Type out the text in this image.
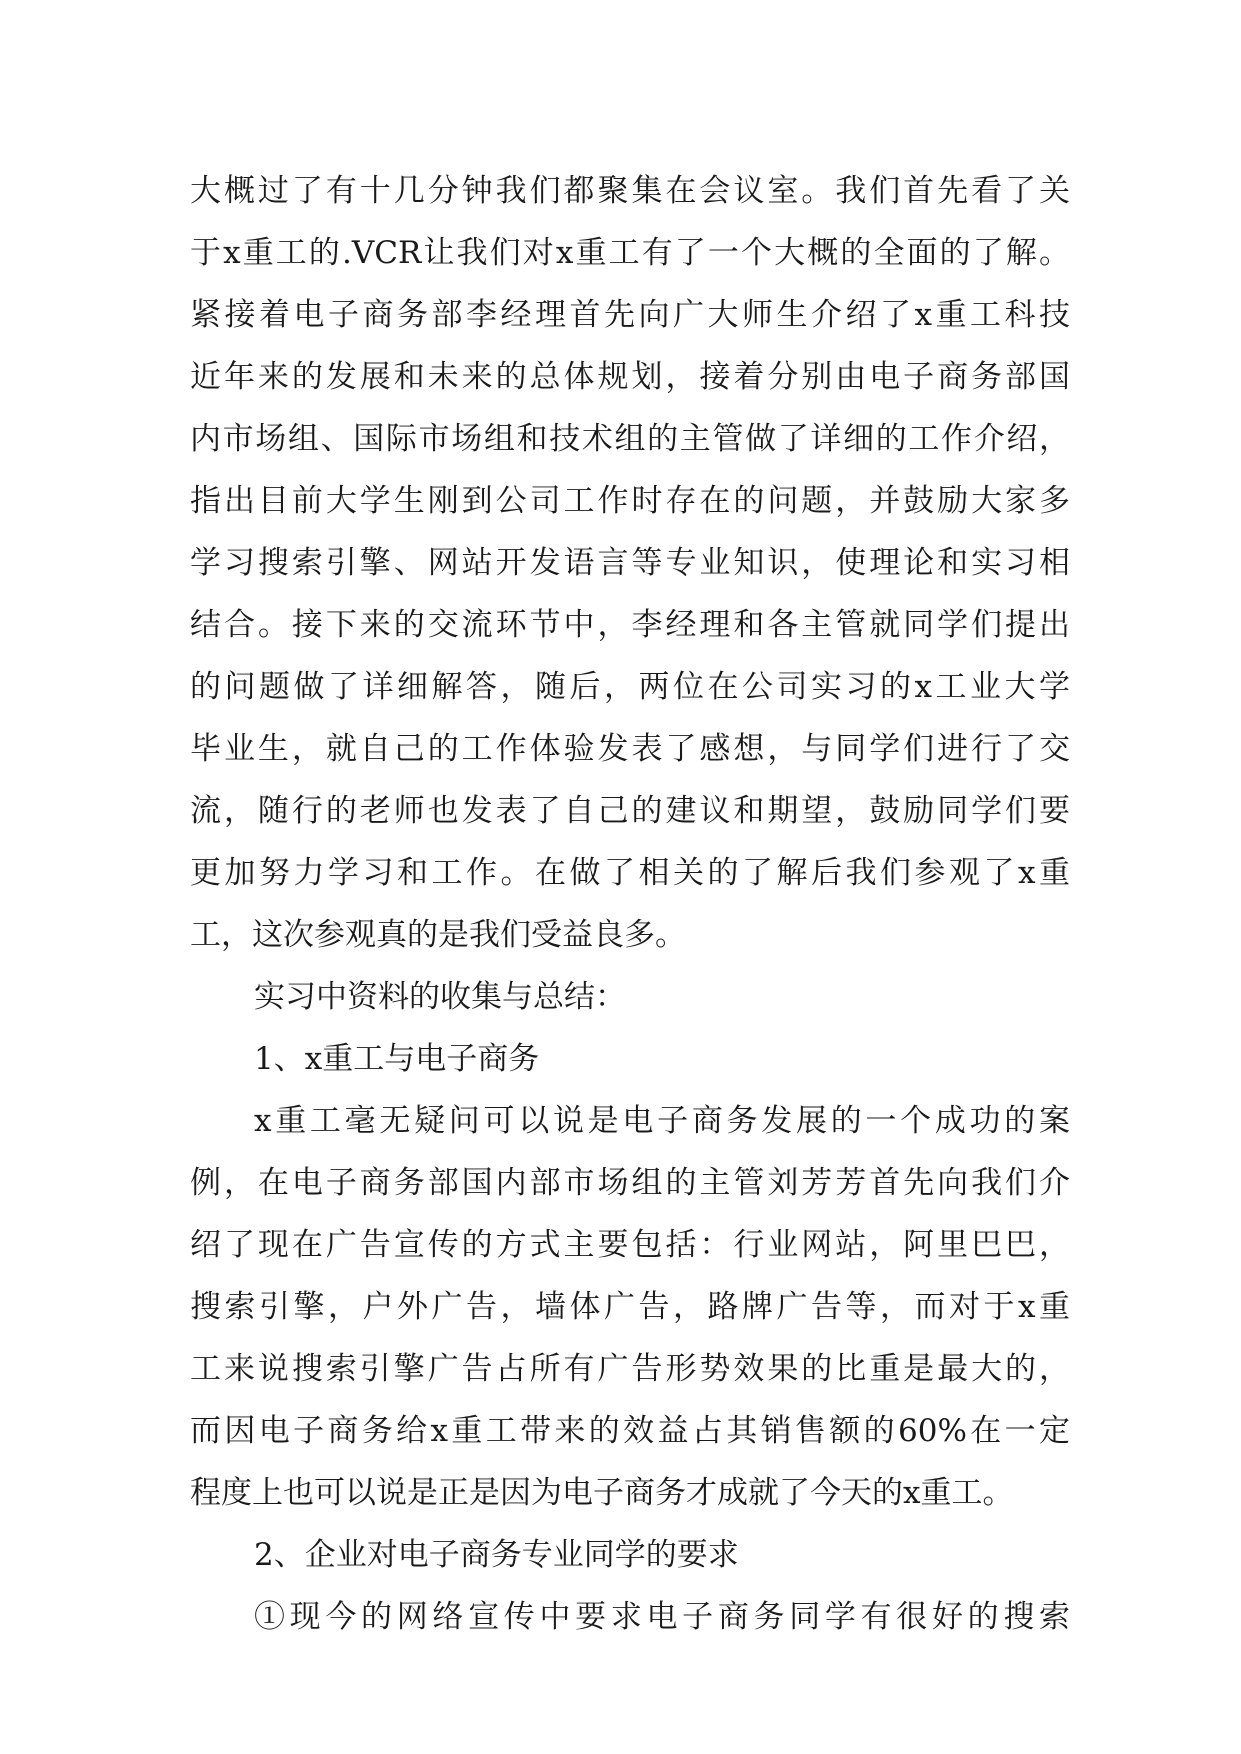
大概过了有十几分钟我们都聚集在会议室。我们首先看了关
于x重工的.VCR让我们对x重工有了一个大概的全面的了解。
紧接着电子商务部李经理首先向广大师生介绍了x重工科技
近年来的发展和未来的总体规划，接着分别由电子商务部国
内市场组、国际市场组和技术组的主管做了详细的工作介绍，
指出目前大学生刚到公司工作时存在的问题，并鼓励大家多
学习搜索引擎、网站开发语言等专业知识，使理论和实习相
结合。接下来的交流环节中，李经理和各主管就同学们提出
的问题做了详细解答，随后，两位在公司实习的x工业大学
毕业生，就自己的工作体验发表了感想，与同学们进行了交
流，随行的老师也发表了自己的建议和期望，鼓励同学们要
更加努力学习和工作。在做了相关的了解后我们参观了x重
工，这次参观真的是我们受益良多。
实习中资料的收集与总结：
1、x重工与电子商务
x重工毫无疑问可以说是电子商务发展的一个成功的案
例，在电子商务部国内部市场组的主管刘芳芳首先向我们介
绍了现在广告宣传的方式主要包括：行业网站，阿里巴巴，
搜索引擎，户外广告，墙体广告，路牌广告等，而对于x重
工来说搜索引擎广告占所有广告形势效果的比重是最大的，
而因电子商务给x重工带来的效益占其销售额的60%在一定
程度上也可以说是正是因为电子商务才成就了今天的x重工。
2、企业对电子商务专业同学的要求
①现今的网络宣传中要求电子商务同学有很好的搜索
